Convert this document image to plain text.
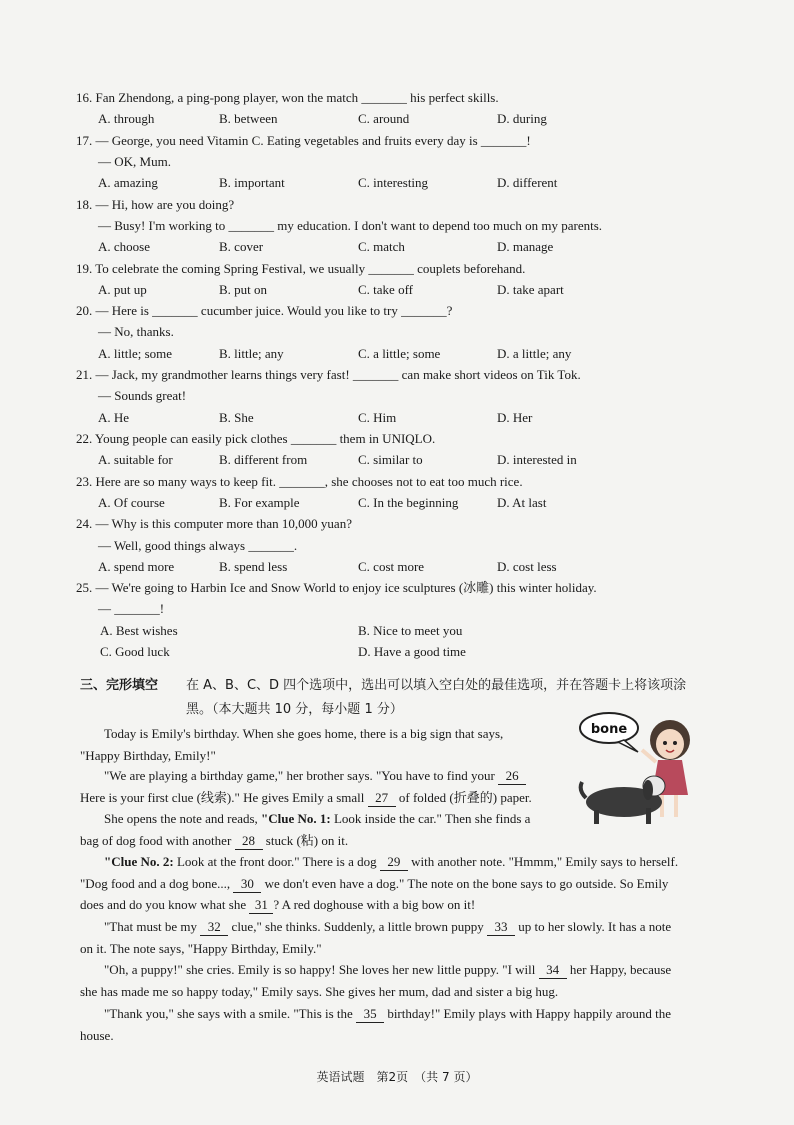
16. Fan Zhendong, a ping-pong player, won the match _______ his perfect skills.
A. through	B. between	C. around	D. during
17. — George, you need Vitamin C. Eating vegetables and fruits every day is _______!
— OK, Mum.
A. amazing	B. important	C. interesting	D. different
18. — Hi, how are you doing?
— Busy! I'm working to _______ my education. I don't want to depend too much on my parents.
A. choose	B. cover	C. match	D. manage
19. To celebrate the coming Spring Festival, we usually _______ couplets beforehand.
A. put up	B. put on	C. take off	D. take apart
20. — Here is _______ cucumber juice. Would you like to try _______?
— No, thanks.
A. little; some	B. little; any	C. a little; some	D. a little; any
21. — Jack, my grandmother learns things very fast! _______ can make short videos on Tik Tok.
— Sounds great!
A. He	B. She	C. Him	D. Her
22. Young people can easily pick clothes _______ them in UNIQLO.
A. suitable for	B. different from	C. similar to	D. interested in
23. Here are so many ways to keep fit. _______, she chooses not to eat too much rice.
A. Of course	B. For example	C. In the beginning	D. At last
24. — Why is this computer more than 10,000 yuan?
— Well, good things always _______.
A. spend more	B. spend less	C. cost more	D. cost less
25. — We're going to Harbin Ice and Snow World to enjoy ice sculptures (冰雕) this winter holiday.
— _______!
A. Best wishes	B. Nice to meet you
C. Good luck	D. Have a good time
三、完形填空 在 A、B、C、D 四个选项中，选出可以填入空白处的最佳选项，并在答题卡上将该项涂
黑。（本大题共 10 分，每小题 1 分）
bone
Today is Emily's birthday. When she goes home, there is a big sign that says,
"Happy Birthday, Emily!"
"We are playing a birthday game," her brother says. "You have to find your 26
Here is your first clue (线索)." He gives Emily a small 27 of folded (折叠的) paper.
She opens the note and reads, "Clue No. 1: Look inside the car." Then she finds a
bag of dog food with another 28 stuck (粘) on it.
"Clue No. 2: Look at the front door." There is a dog 29 with another note. "Hmmm," Emily says to herself.
"Dog food and a dog bone..., 30 we don't even have a dog." The note on the bone says to go outside. So Emily
does and do you know what she 31 ? A red doghouse with a big bow on it!
"That must be my 32 clue," she thinks. Suddenly, a little brown puppy 33 up to her slowly. It has a note
on it. The note says, "Happy Birthday, Emily."
"Oh, a puppy!" she cries. Emily is so happy! She loves her new little puppy. "I will 34 her Happy, because
she has made me so happy today," Emily says. She gives her mum, dad and sister a big hug.
"Thank you," she says with a smile. "This is the 35 birthday!" Emily plays with Happy happily around the
house.
英语试题　第2页　（共 7 页）
